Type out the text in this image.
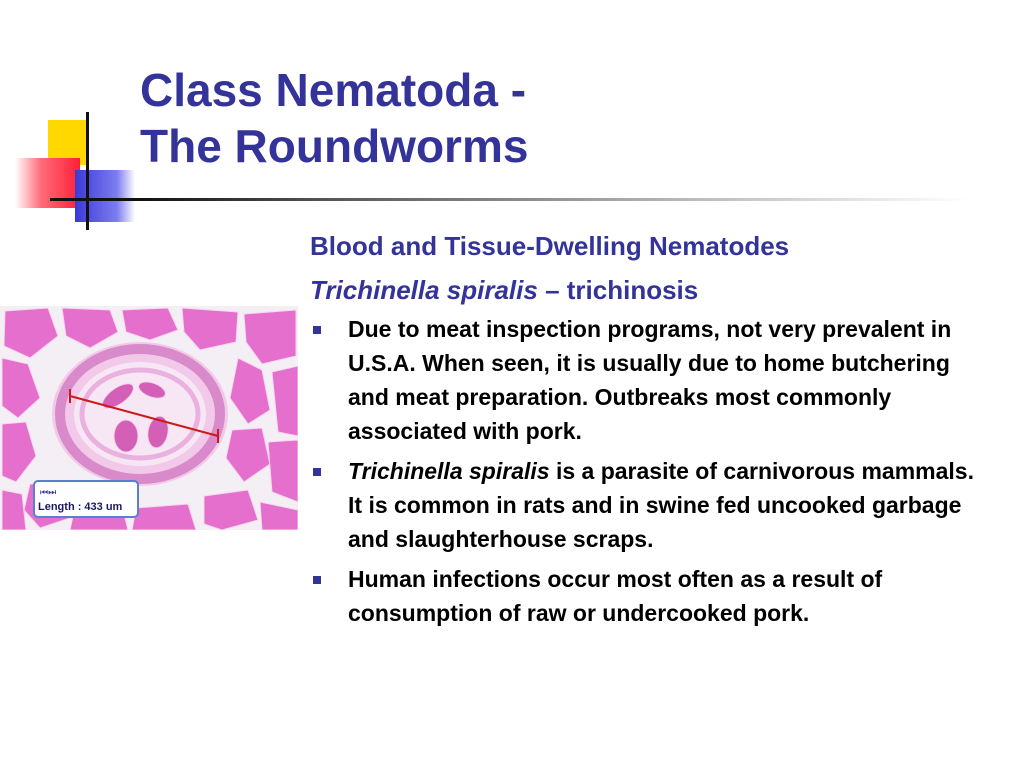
Class Nematoda -
The Roundworms
⏮⏭
Length : 433 um
Blood and Tissue-Dwelling Nematodes
Trichinella spiralis – trichinosis
Due to meat inspection programs, not very prevalent in U.S.A. When seen, it is usually due to home butchering and meat preparation. Outbreaks most commonly associated with pork.
Trichinella spiralis is a parasite of carnivorous mammals. It is common in rats and in swine fed uncooked garbage and slaughterhouse scraps.
Human infections occur most often as a result of consumption of raw or undercooked pork.
